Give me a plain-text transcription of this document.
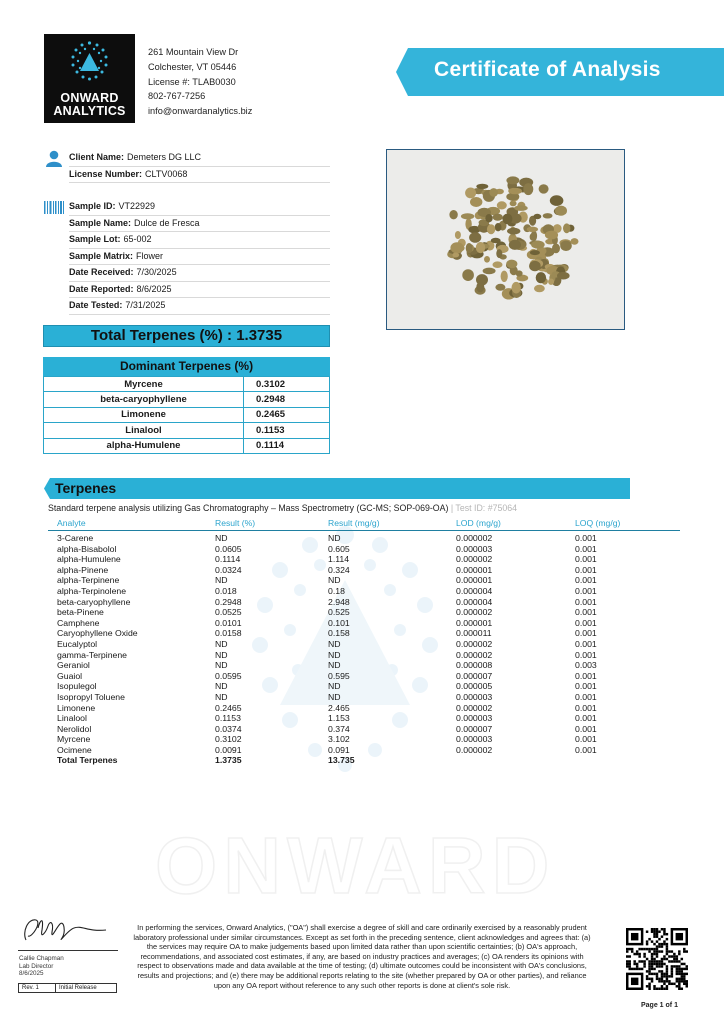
ONWARD
ANALYTICS
261 Mountain View Dr
Colchester, VT 05446
License #: TLAB0030
802-767-7256
info@onwardanalytics.biz
Certificate of Analysis
Client Name: Demeters DG LLC
License Number: CLTV0068
Sample ID: VT22929
Sample Name: Dulce de Fresca
Sample Lot: 65-002
Sample Matrix: Flower
Date Received: 7/30/2025
Date Reported: 8/6/2025
Date Tested: 7/31/2025
Total Terpenes (%) : 1.3735
Dominant Terpenes (%)
Myrcene	0.3102
beta-caryophyllene	0.2948
Limonene	0.2465
Linalool	0.1153
alpha-Humulene	0.1114
ONWARD
Terpenes
Standard terpene analysis utilizing Gas Chromatography – Mass Spectrometry (GC-MS; SOP-069-OA) | Test ID: #75064
Analyte	Result (%)	Result (mg/g)	LOD (mg/g)	LOQ (mg/g)
3-Carene	ND	ND	0.000002	0.001
alpha-Bisabolol	0.0605	0.605	0.000003	0.001
alpha-Humulene	0.1114	1.114	0.000002	0.001
alpha-Pinene	0.0324	0.324	0.000001	0.001
alpha-Terpinene	ND	ND	0.000001	0.001
alpha-Terpinolene	0.018	0.18	0.000004	0.001
beta-caryophyllene	0.2948	2.948	0.000004	0.001
beta-Pinene	0.0525	0.525	0.000002	0.001
Camphene	0.0101	0.101	0.000001	0.001
Caryophyllene Oxide	0.0158	0.158	0.000011	0.001
Eucalyptol	ND	ND	0.000002	0.001
gamma-Terpinene	ND	ND	0.000002	0.001
Geraniol	ND	ND	0.000008	0.003
Guaiol	0.0595	0.595	0.000007	0.001
Isopulegol	ND	ND	0.000005	0.001
Isopropyl Toluene	ND	ND	0.000003	0.001
Limonene	0.2465	2.465	0.000002	0.001
Linalool	0.1153	1.153	0.000003	0.001
Nerolidol	0.0374	0.374	0.000007	0.001
Myrcene	0.3102	3.102	0.000003	0.001
Ocimene	0.0091	0.091	0.000002	0.001
Total Terpenes	1.3735	13.735
Callie Chapman
Lab Director
8/6/2025
Rev. 1	Initial Release
In performing the services, Onward Analytics, ("OA") shall exercise a degree of skill and care ordinarily exercised by a reasonably prudent laboratory professional under similar circumstances. Except as set forth in the preceding sentence, client acknowledges and agrees that: (a) the services may require OA to make judgements based upon limited data rather than upon scientific certainties; (b) OA's approach, recommendations, and associated cost estimates, if any, are based on industry practices and averages; (c) OA renders its opinions with respect to observations made and data available at the time of testing; (d) ultimate outcomes could be inconsistent with OA's conclusions, results and projections; and (e) there may be additional reports relating to the site (whether prepared by OA or other parties), and reliance upon any OA report without reference to any such other reports is done at client's sole risk.
Page 1 of 1
